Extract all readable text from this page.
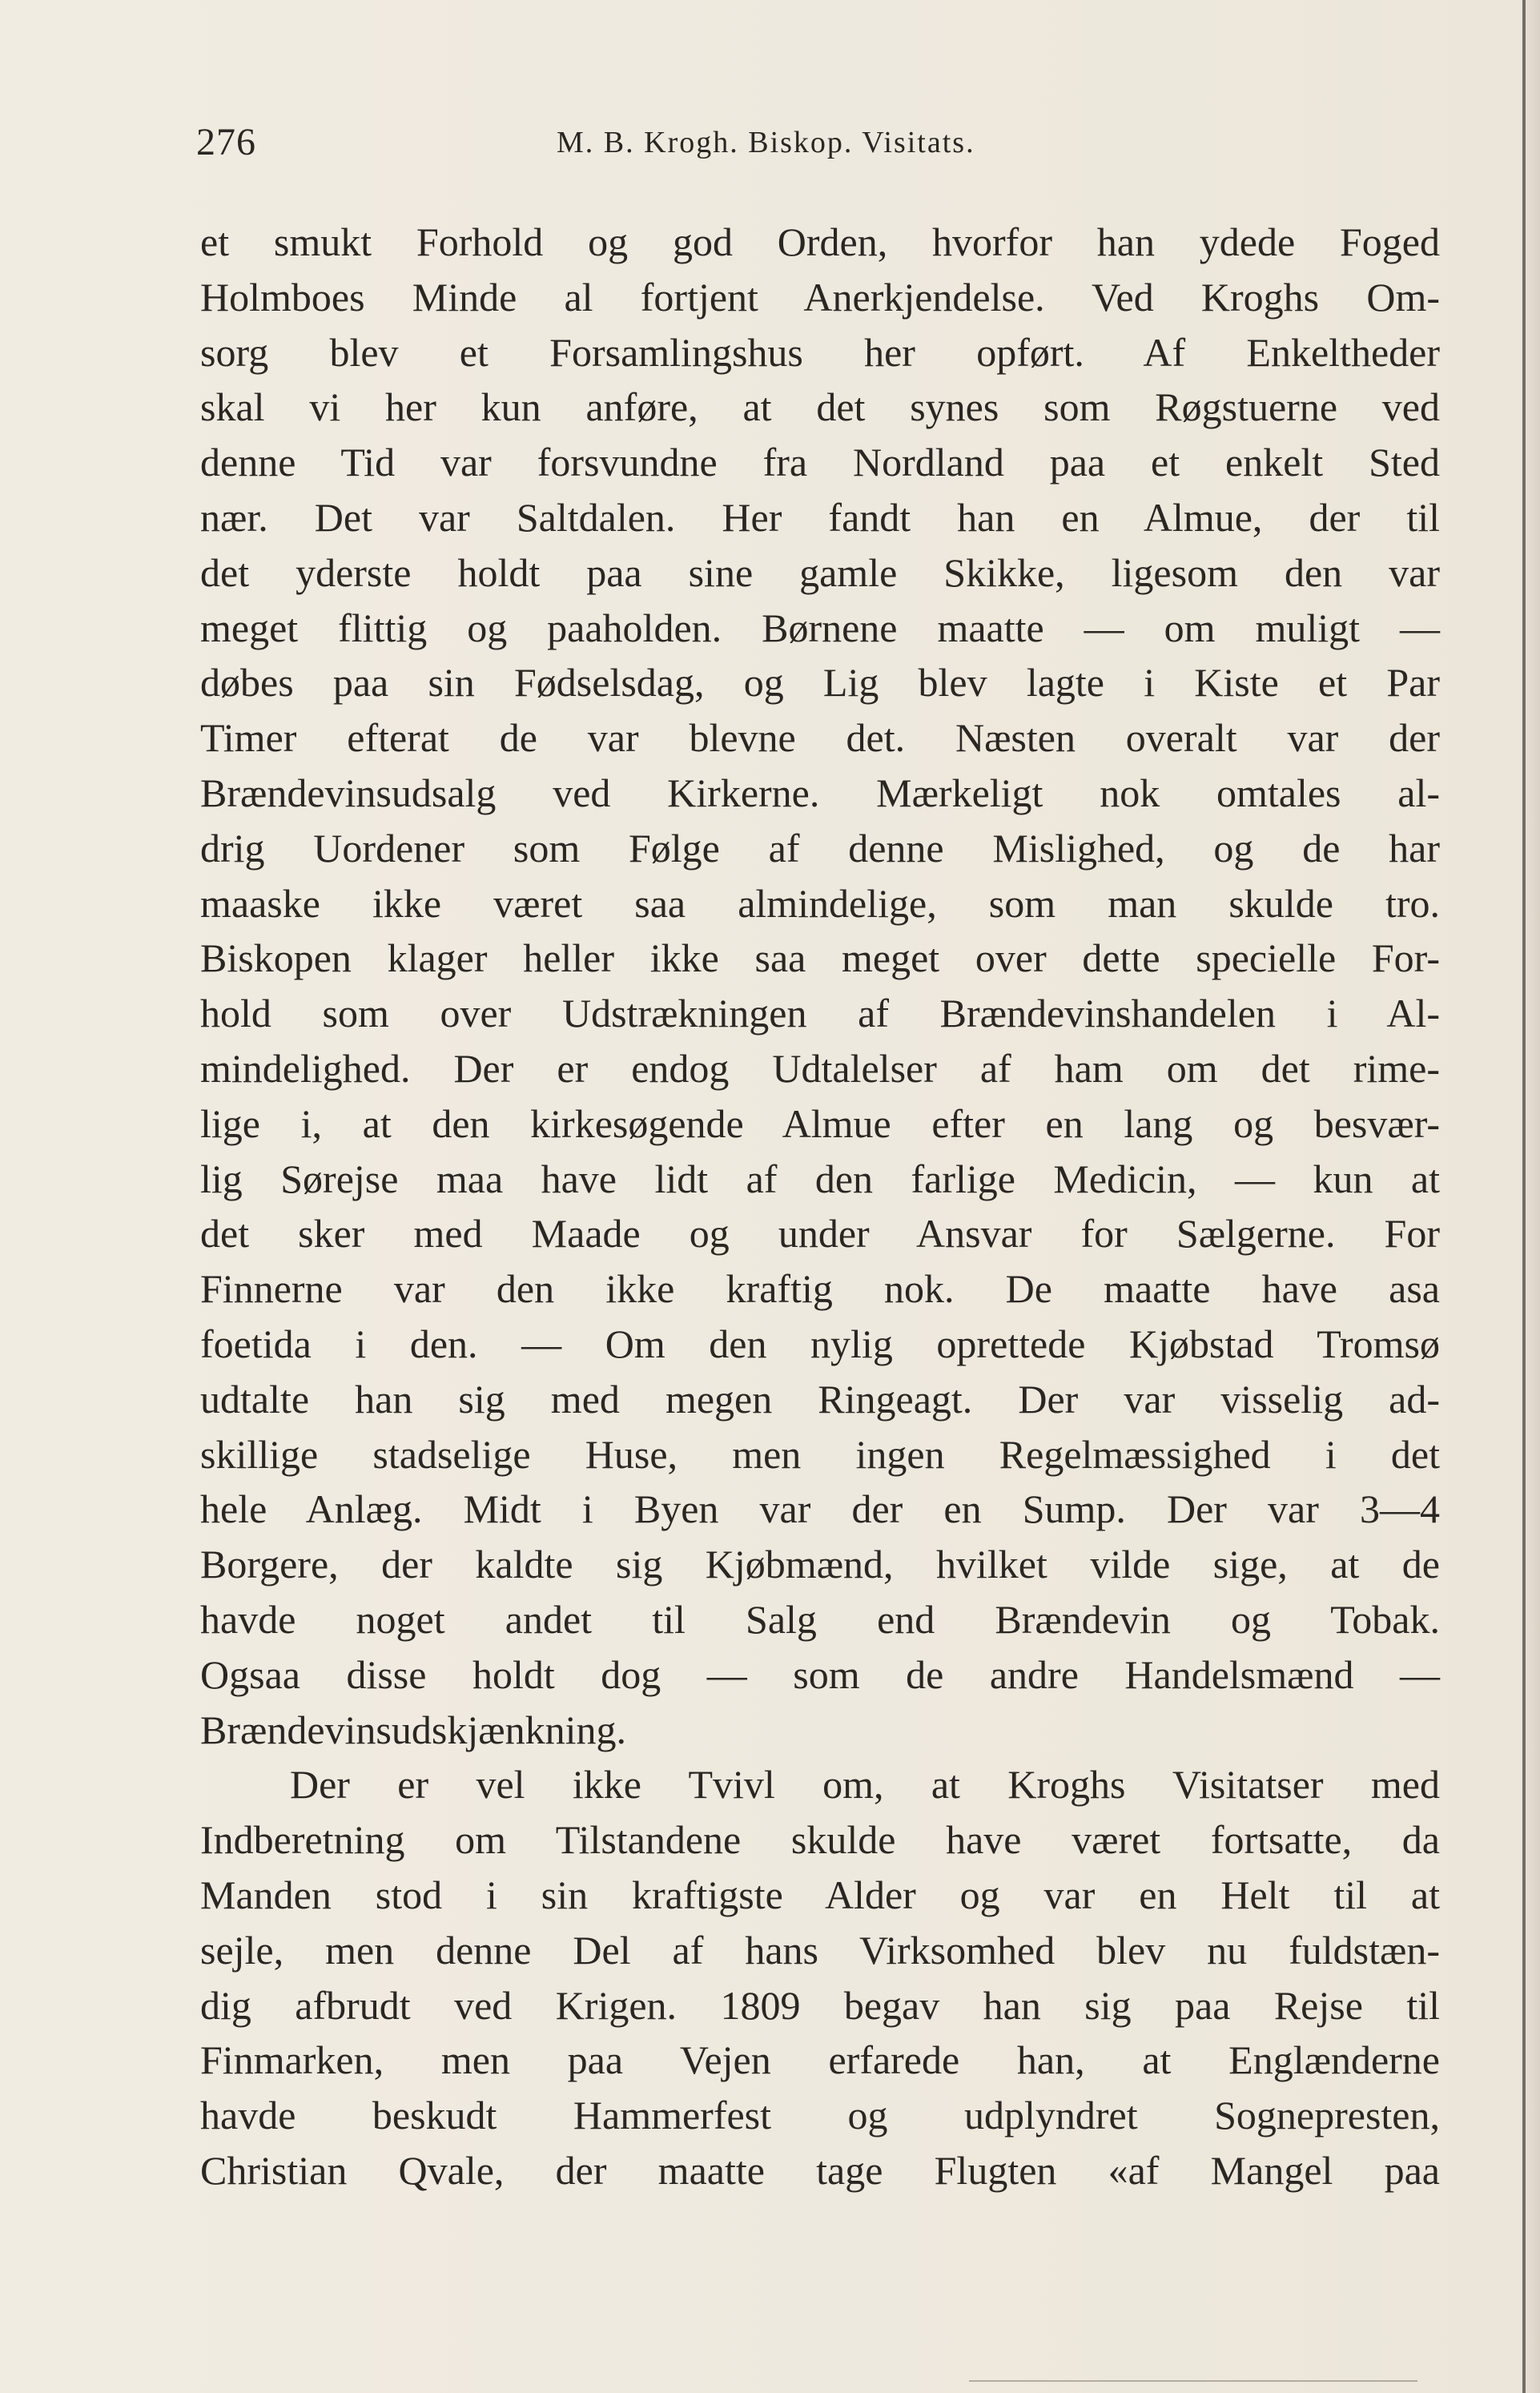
276	M. B. Krogh. Biskop. Visitats.
et smukt Forhold og god Orden, hvorfor han ydede Foged
Holmboes Minde al fortjent Anerkjendelse. Ved Kroghs Om-
sorg blev et Forsamlingshus her opført. Af Enkeltheder
skal vi her kun anføre, at det synes som Røgstuerne ved
denne Tid var forsvundne fra Nordland paa et enkelt Sted
nær. Det var Saltdalen. Her fandt han en Almue, der til
det yderste holdt paa sine gamle Skikke, ligesom den var
meget flittig og paaholden. Børnene maatte — om muligt —
døbes paa sin Fødselsdag, og Lig blev lagte i Kiste et Par
Timer efterat de var blevne det. Næsten overalt var der
Brændevinsudsalg ved Kirkerne. Mærkeligt nok omtales al-
drig Uordener som Følge af denne Mislighed, og de har
maaske ikke været saa almindelige, som man skulde tro.
Biskopen klager heller ikke saa meget over dette specielle For-
hold som over Udstrækningen af Brændevinshandelen i Al-
mindelighed. Der er endog Udtalelser af ham om det rime-
lige i, at den kirkesøgende Almue efter en lang og besvær-
lig Sørejse maa have lidt af den farlige Medicin, — kun at
det sker med Maade og under Ansvar for Sælgerne. For
Finnerne var den ikke kraftig nok. De maatte have asa
foetida i den. — Om den nylig oprettede Kjøbstad Tromsø
udtalte han sig med megen Ringeagt. Der var visselig ad-
skillige stadselige Huse, men ingen Regelmæssighed i det
hele Anlæg. Midt i Byen var der en Sump. Der var 3—4
Borgere, der kaldte sig Kjøbmænd, hvilket vilde sige, at de
havde noget andet til Salg end Brændevin og Tobak.
Ogsaa disse holdt dog — som de andre Handelsmænd —
Brændevinsudskjænkning.
Der er vel ikke Tvivl om, at Kroghs Visitatser med
Indberetning om Tilstandene skulde have været fortsatte, da
Manden stod i sin kraftigste Alder og var en Helt til at
sejle, men denne Del af hans Virksomhed blev nu fuldstæn-
dig afbrudt ved Krigen. 1809 begav han sig paa Rejse til
Finmarken, men paa Vejen erfarede han, at Englænderne
havde beskudt Hammerfest og udplyndret Sognepresten,
Christian Qvale, der maatte tage Flugten «af Mangel paa
